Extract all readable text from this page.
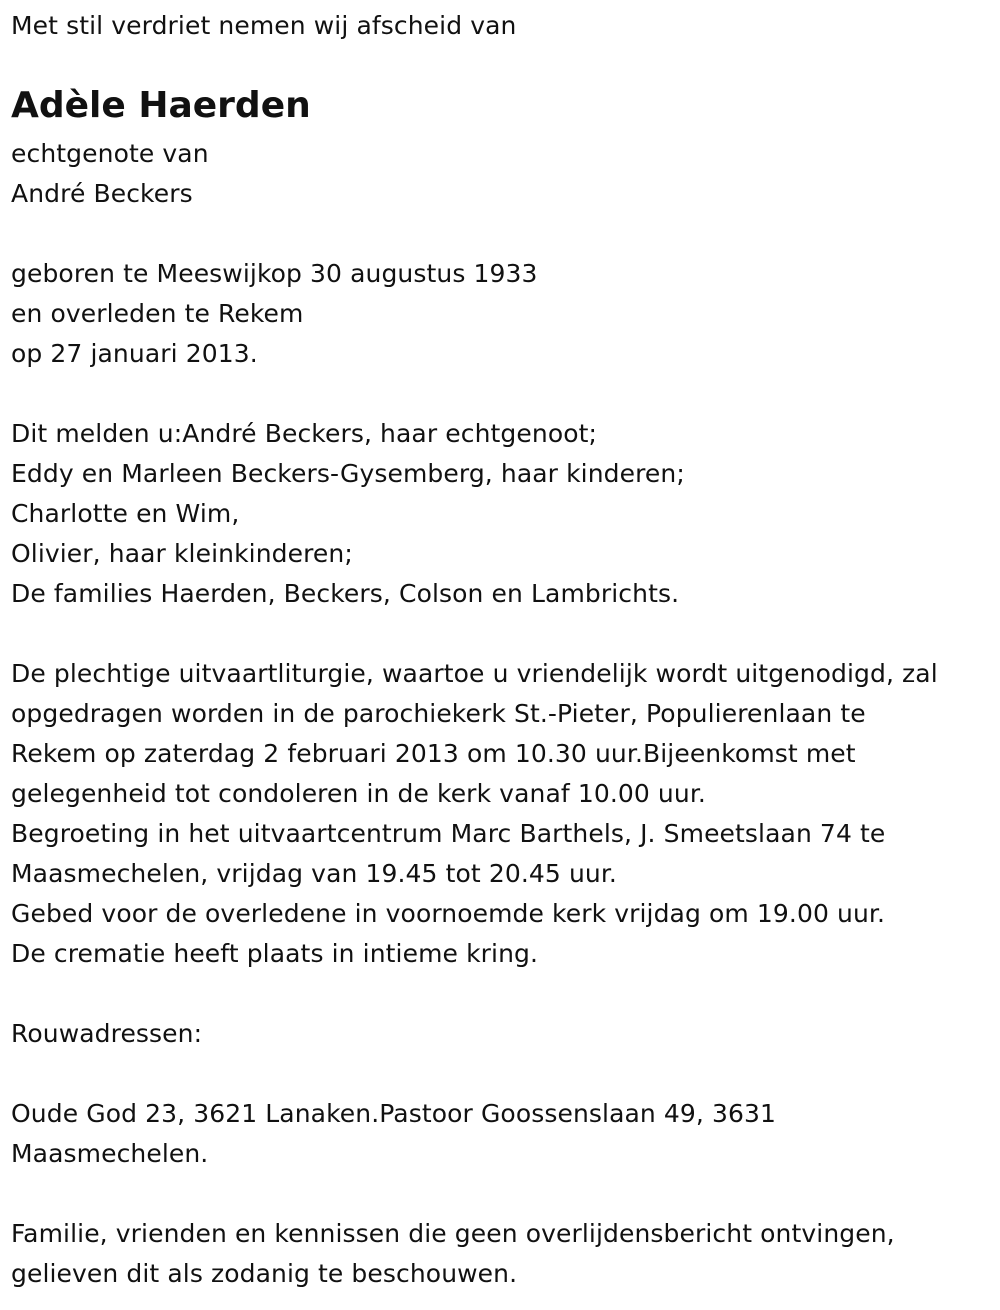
Met stil verdriet nemen wij afscheid van
Adèle Haerden
echtgenote van
André Beckers
geboren te Meeswijkop 30 augustus 1933
en overleden te Rekem
op 27 januari 2013.
Dit melden u:André Beckers, haar echtgenoot;
Eddy en Marleen Beckers-Gysemberg, haar kinderen;
Charlotte en Wim,
Olivier, haar kleinkinderen;
De families Haerden, Beckers, Colson en Lambrichts.
De plechtige uitvaartliturgie, waartoe u vriendelijk wordt uitgenodigd, zal
opgedragen worden in de parochiekerk St.-Pieter, Populierenlaan te
Rekem op zaterdag 2 februari 2013 om 10.30 uur.Bijeenkomst met
gelegenheid tot condoleren in de kerk vanaf 10.00 uur.
Begroeting in het uitvaartcentrum Marc Barthels, J. Smeetslaan 74 te
Maasmechelen, vrijdag van 19.45 tot 20.45 uur.
Gebed voor de overledene in voornoemde kerk vrijdag om 19.00 uur.
De crematie heeft plaats in intieme kring.
Rouwadressen:
Oude God 23, 3621 Lanaken.Pastoor Goossenslaan 49, 3631
Maasmechelen.
Familie, vrienden en kennissen die geen overlijdensbericht ontvingen,
gelieven dit als zodanig te beschouwen.
